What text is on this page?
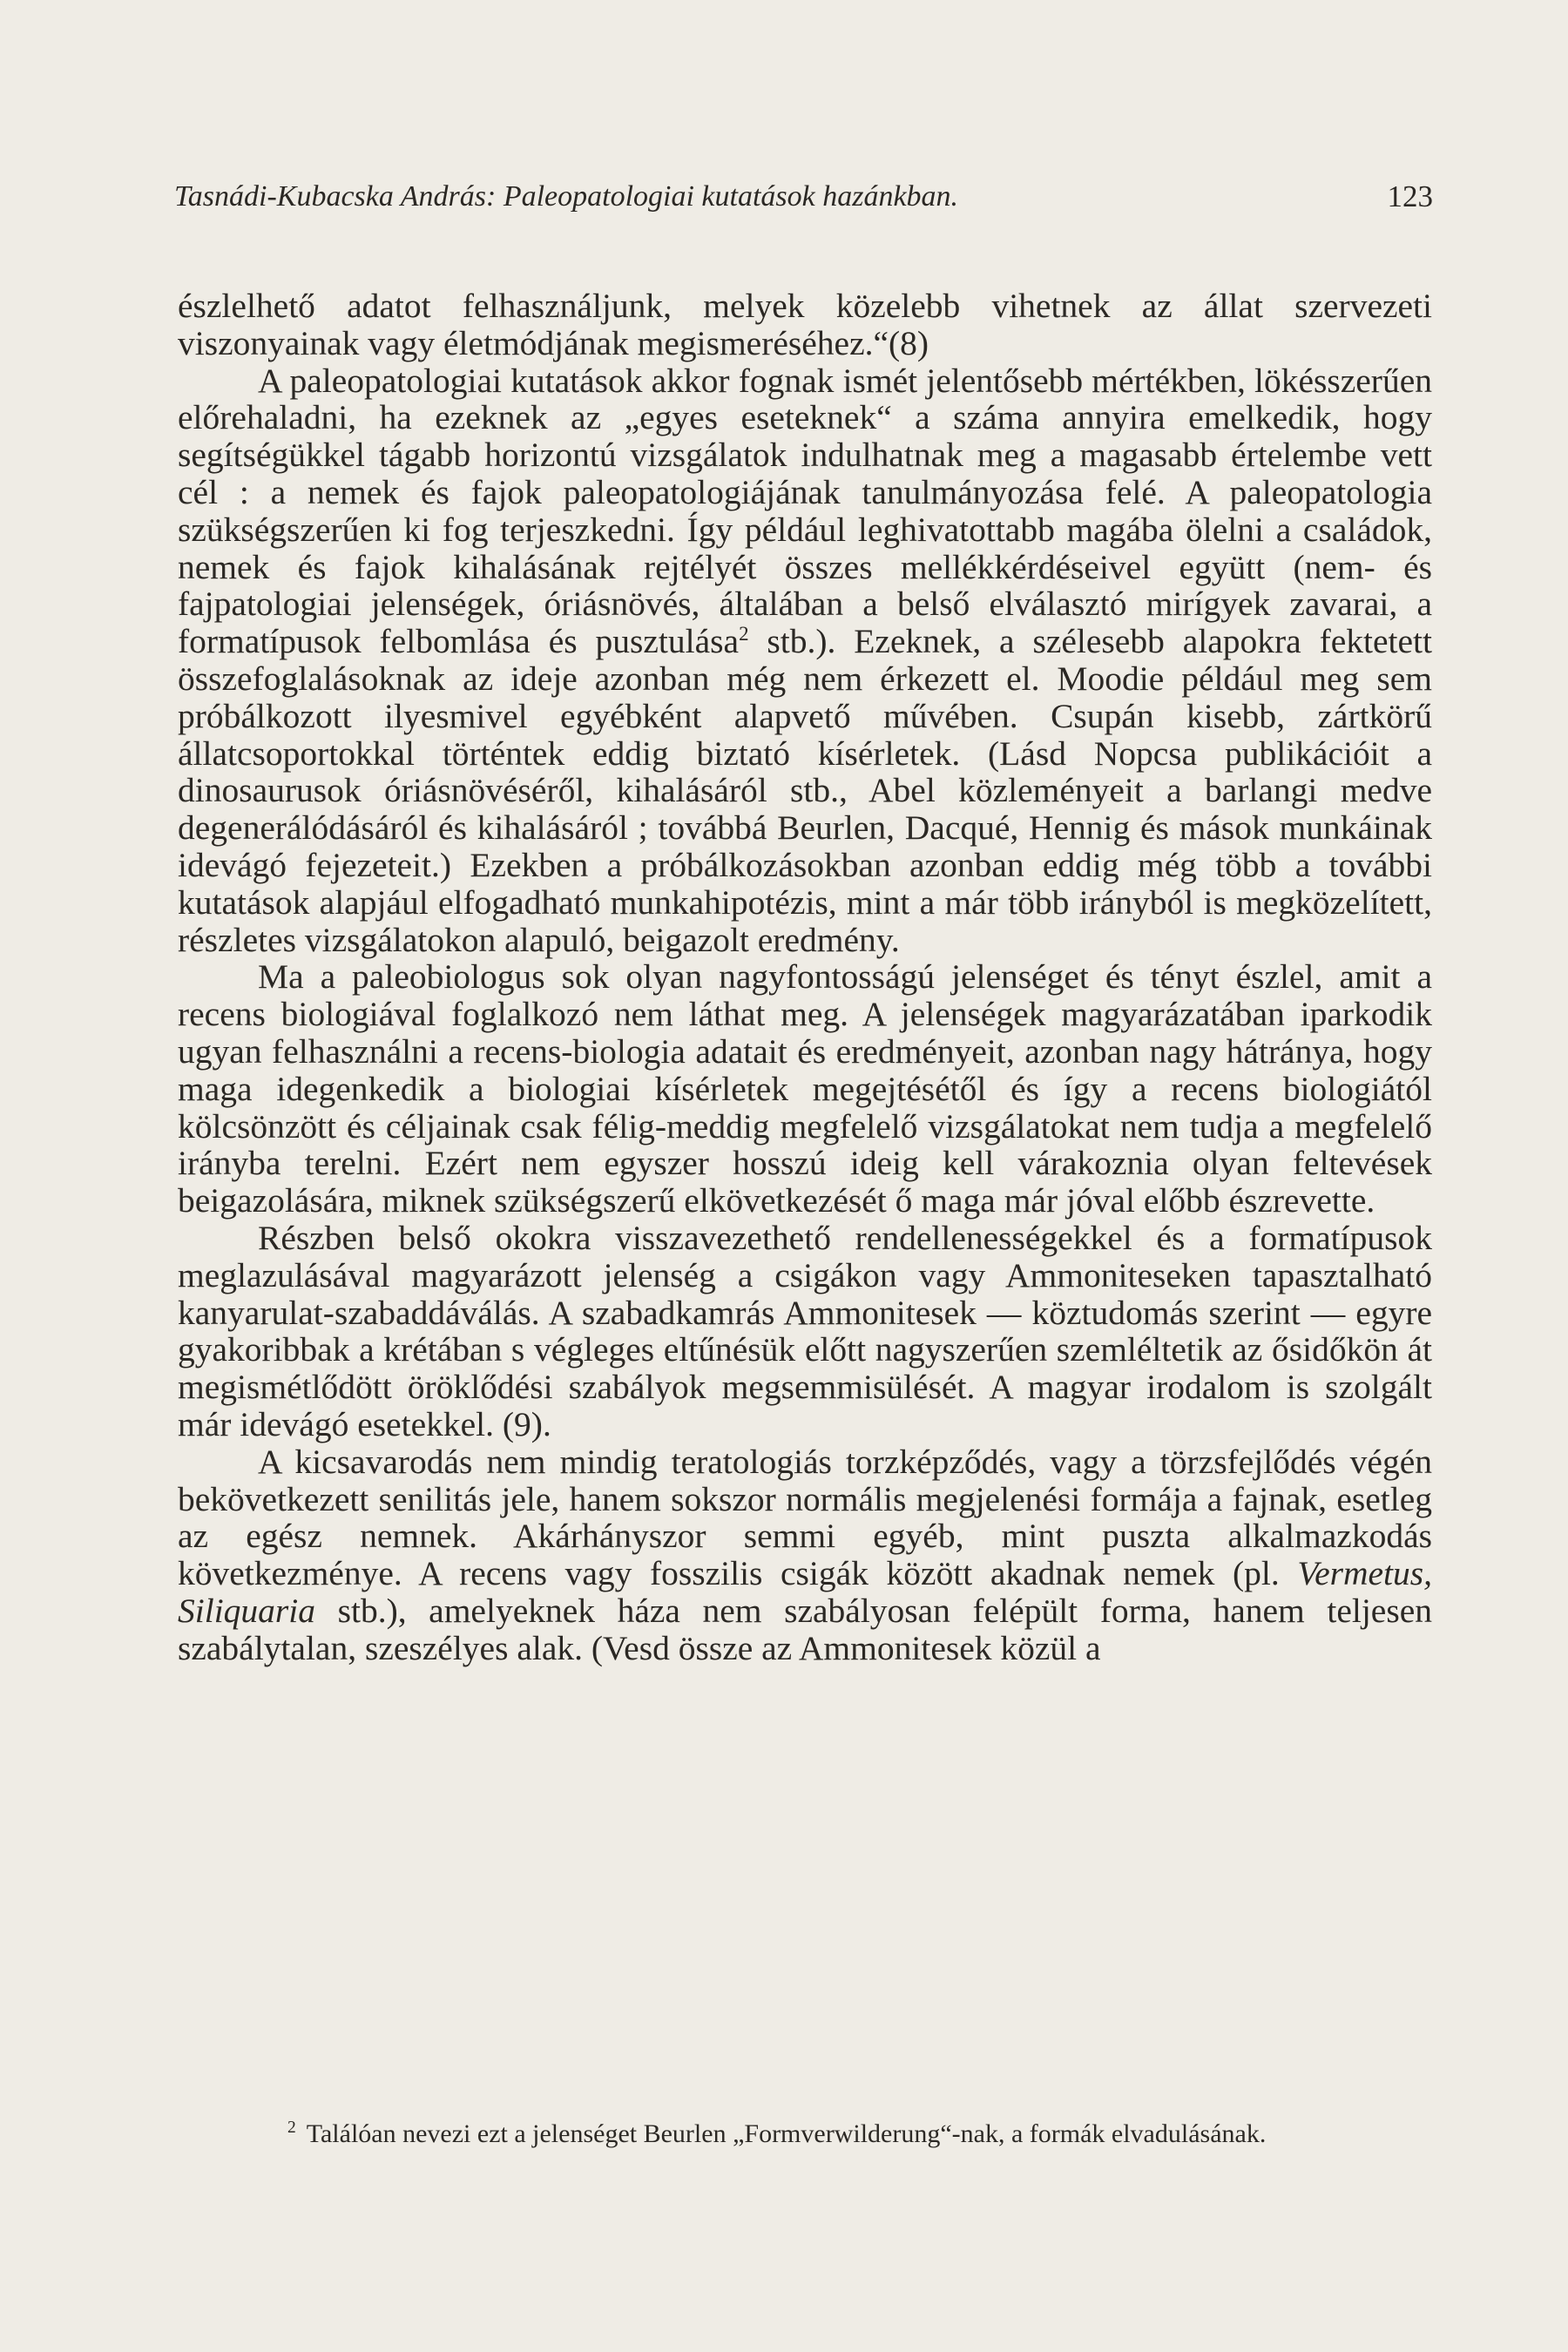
Tasnádi-Kubacska András: Paleopatologiai kutatások hazánkban.	123

észlelhető adatot felhasználjunk, melyek közelebb vihetnek az állat szervezeti viszonyainak vagy életmódjának megismeréséhez.“(8)

A paleopatologiai kutatások akkor fognak ismét jelentősebb mértékben, lökésszerűen előrehaladni, ha ezeknek az „egyes eseteknek“ a száma annyira emelkedik, hogy segítségükkel tágabb horizontú vizsgálatok indulhatnak meg a magasabb értelembe vett cél : a nemek és fajok paleopatologiájának tanulmányozása felé. A paleopatologia szükségszerűen ki fog terjeszkedni. Így például leghivatottabb magába ölelni a családok, nemek és fajok kihalásának rejtélyét összes mellékkérdéseivel együtt (nem- és fajpatologiai jelenségek, óriásnövés, általában a belső elválasztó mirígyek zavarai, a formatípusok felbomlása és pusztulása$^2$ stb.). Ezeknek, a szélesebb alapokra fektetett összefoglalásoknak az ideje azonban még nem érkezett el. Moodie például meg sem próbálkozott ilyesmivel egyébként alapvető művében. Csupán kisebb, zártkörű állatcsoportokkal történtek eddig biztató kísérletek. (Lásd Nopcsa publikációit a dinosaurusok óriásnövéséről, kihalásáról stb., Abel közleményeit a barlangi medve degenerálódásáról és kihalásáról ; továbbá Beurlen, Dacqué, Hennig és mások munkáinak idevágó fejezeteit.) Ezekben a próbálkozásokban azonban eddig még több a további kutatások alapjául elfogadható munkahipotézis, mint a már több irányból is megközelített, részletes vizsgálatokon alapuló, beigazolt eredmény.

Ma a paleobiologus sok olyan nagyfontosságú jelenséget és tényt észlel, amit a recens biologiával foglalkozó nem láthat meg. A jelenségek magyarázatában iparkodik ugyan felhasználni a recens-biologia adatait és eredményeit, azonban nagy hátránya, hogy maga idegenkedik a biologiai kísérletek megejtésétől és így a recens biologiától kölcsönzött és céljainak csak félig-meddig megfelelő vizsgálatokat nem tudja a megfelelő irányba terelni. Ezért nem egyszer hosszú ideig kell várakoznia olyan feltevések beigazolására, miknek szükségszerű elkövetkezését ő maga már jóval előbb észrevette.

Részben belső okokra visszavezethető rendellenességekkel és a formatípusok meglazulásával magyarázott jelenség a csigákon vagy Ammoniteseken tapasztalható kanyarulat-szabaddáválás. A szabadkamrás Ammonitesek — köztudomás szerint — egyre gyakoribbak a krétában s végleges eltűnésük előtt nagyszerűen szemléltetik az ősidőkön át megismétlődött öröklődési szabályok megsemmisülését. A magyar irodalom is szolgált már idevágó esetekkel. (9).

A kicsavarodás nem mindig teratologiás torzképződés, vagy a törzsfejlődés végén bekövetkezett senilitás jele, hanem sokszor normális megjelenési formája a fajnak, esetleg az egész nemnek. Akárhányszor semmi egyéb, mint puszta alkalmazkodás következménye. A recens vagy fosszilis csigák között akadnak nemek (pl. Vermetus, Siliquaria stb.), amelyeknek háza nem szabályosan felépült forma, hanem teljesen szabálytalan, szeszélyes alak. (Vesd össze az Ammonitesek közül a

$^2$ Találóan nevezi ezt a jelenséget Beurlen „Formverwilderung“-nak, a formák elvadulásának.
